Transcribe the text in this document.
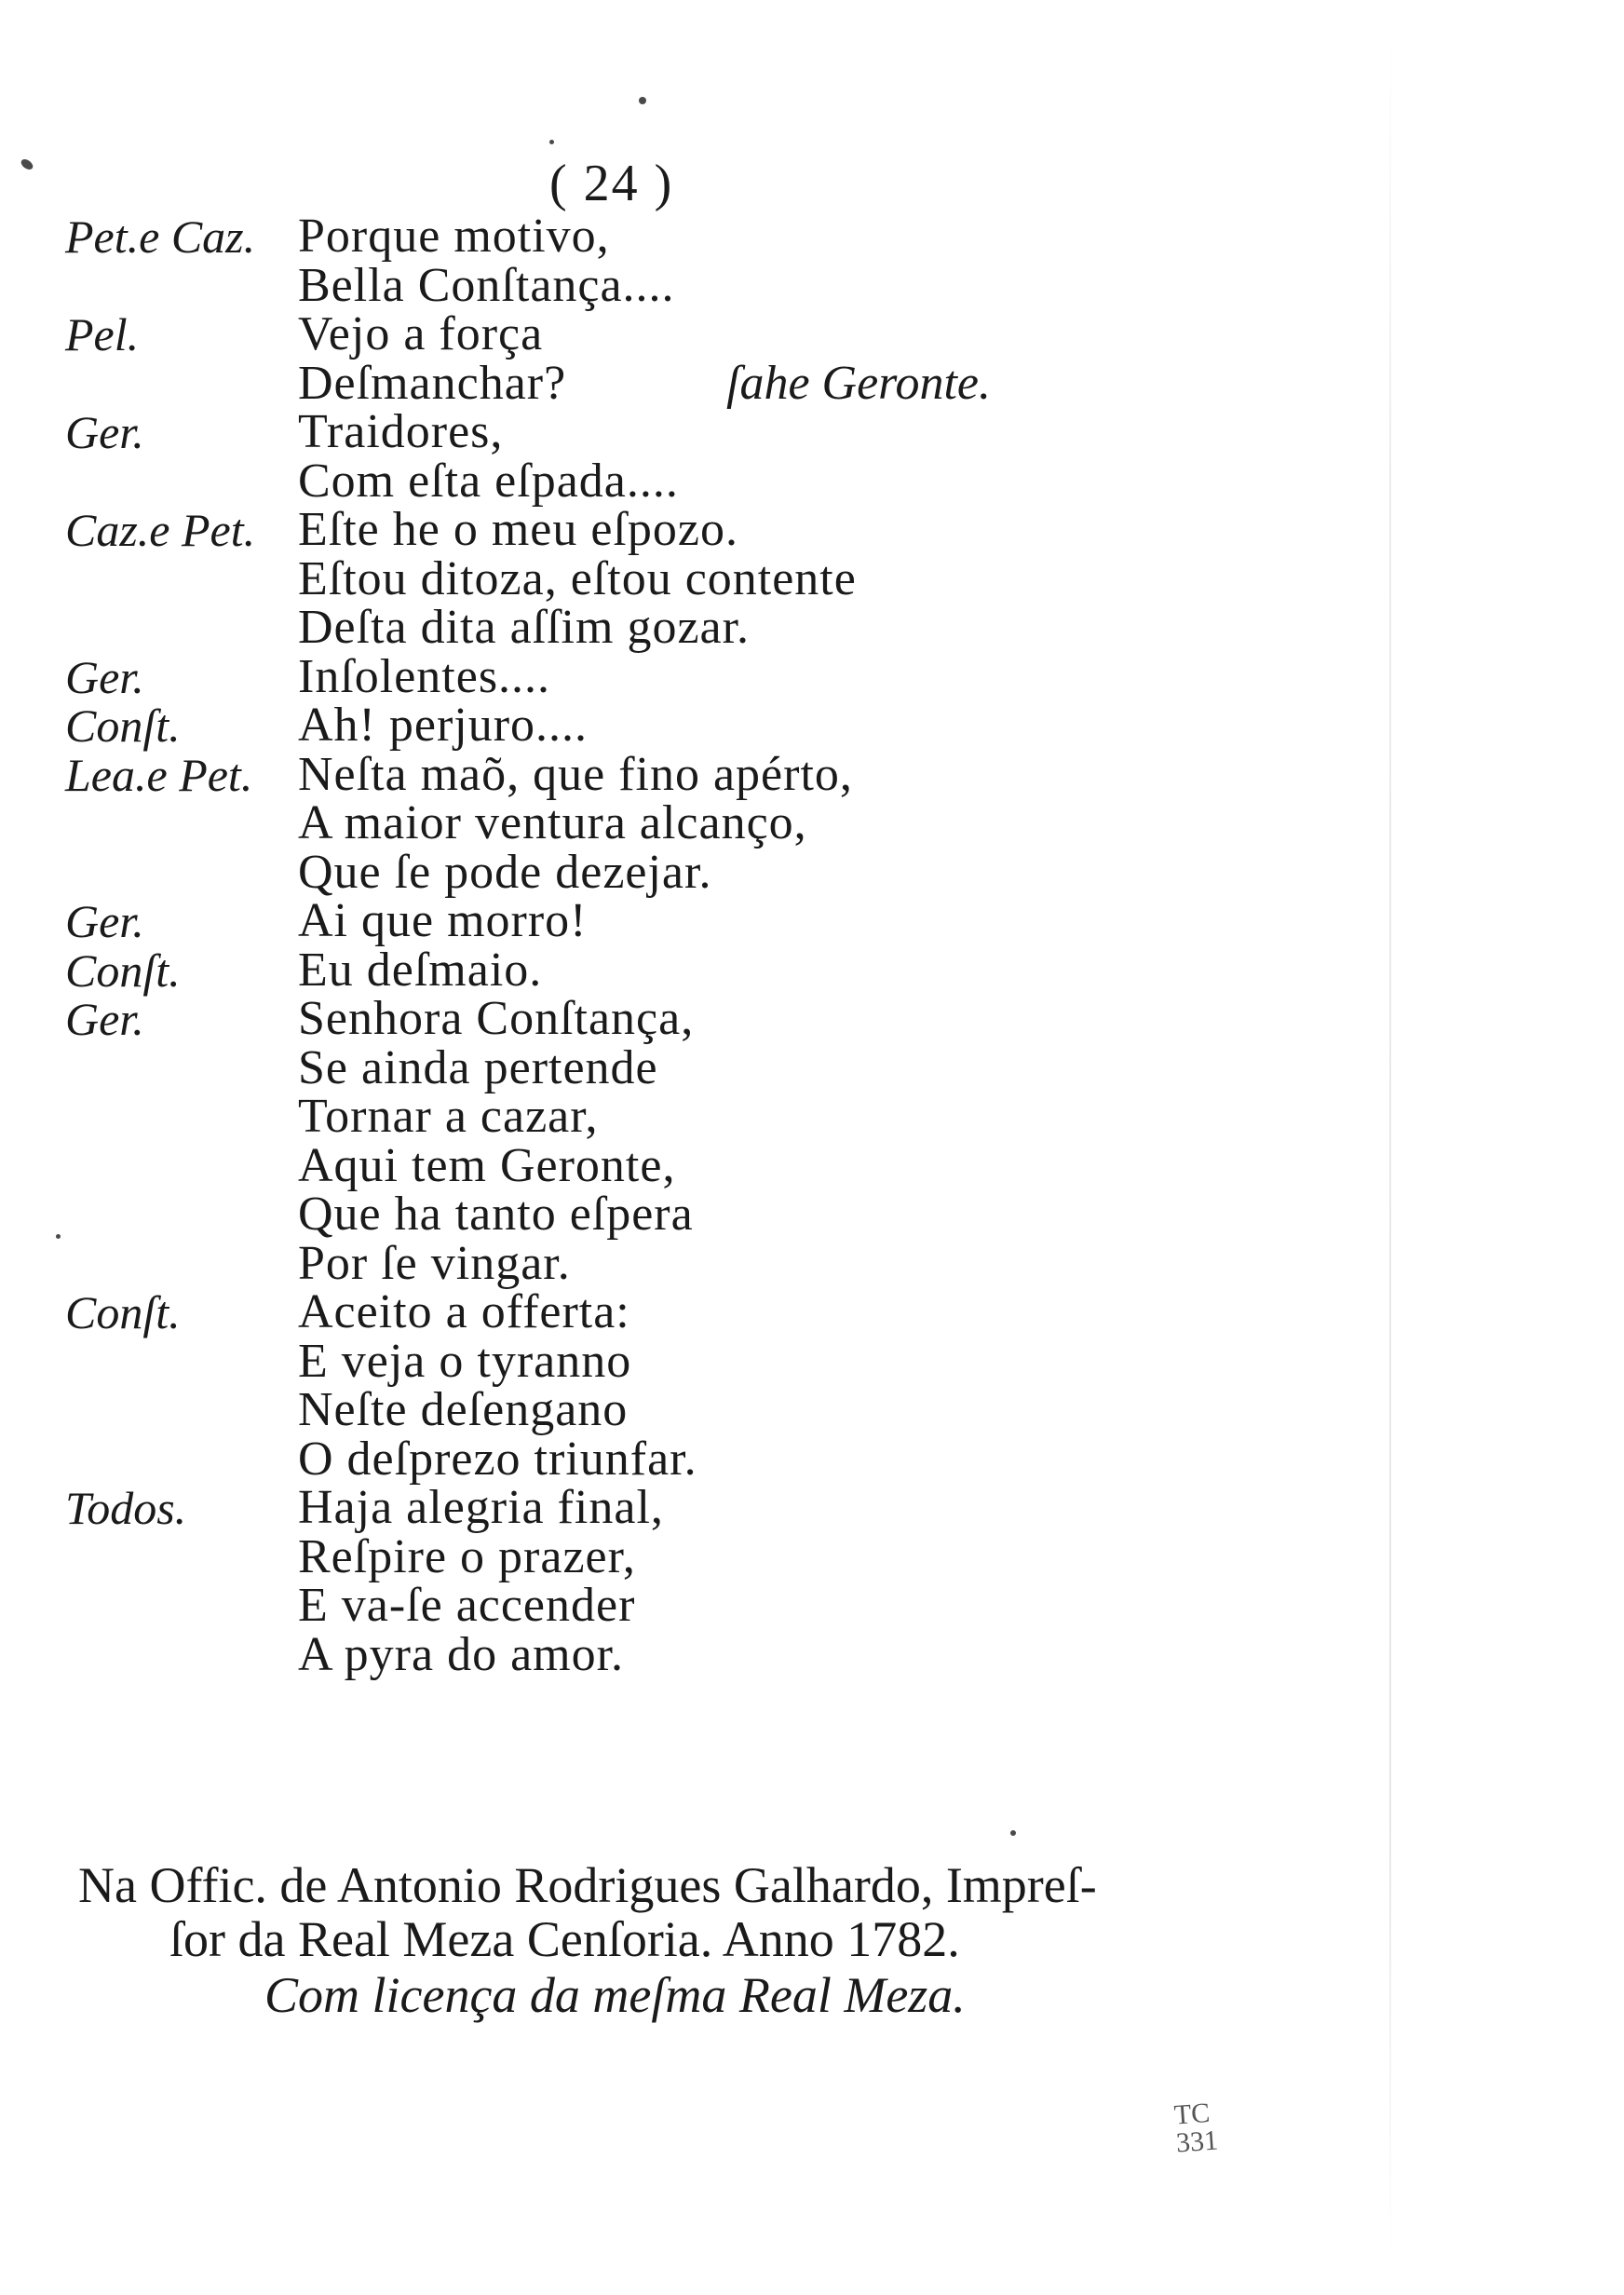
( 24 )
Pet.e Caz. Porque motivo,
Bella Conſtança....
Pel.	Vejo a força
Deſmanchar?	ſahe Geronte.
Ger.	Traidores,
Com eſta eſpada....
Caz.e Pet. Eſte he o meu eſpozo.
Eſtou ditoza, eſtou contente
Deſta dita aſſim gozar.
Ger.	Inſolentes....
Conſt. Ah! perjuro....
Lea.e Pet. Neſta maõ, que fino apérto,
A maior ventura alcanço,
Que ſe pode dezejar.
Ger.	Ai que morro!
Conſt. Eu deſmaio.
Ger.	Senhora Conſtança,
Se ainda pertende
Tornar a cazar,
Aqui tem Geronte,
Que ha tanto eſpera
Por ſe vingar.
Conſt. Aceito a offerta:
E veja o tyranno
Neſte deſengano
O deſprezo triunfar.
Todos. Haja alegria final,
Reſpire o prazer,
E va-ſe accender
A pyra do amor.
Na Offic. de Antonio Rodrigues Galhardo, Impreſ-
ſor da Real Meza Cenſoria. Anno 1782.
Com licença da meſma Real Meza.
TC
331
